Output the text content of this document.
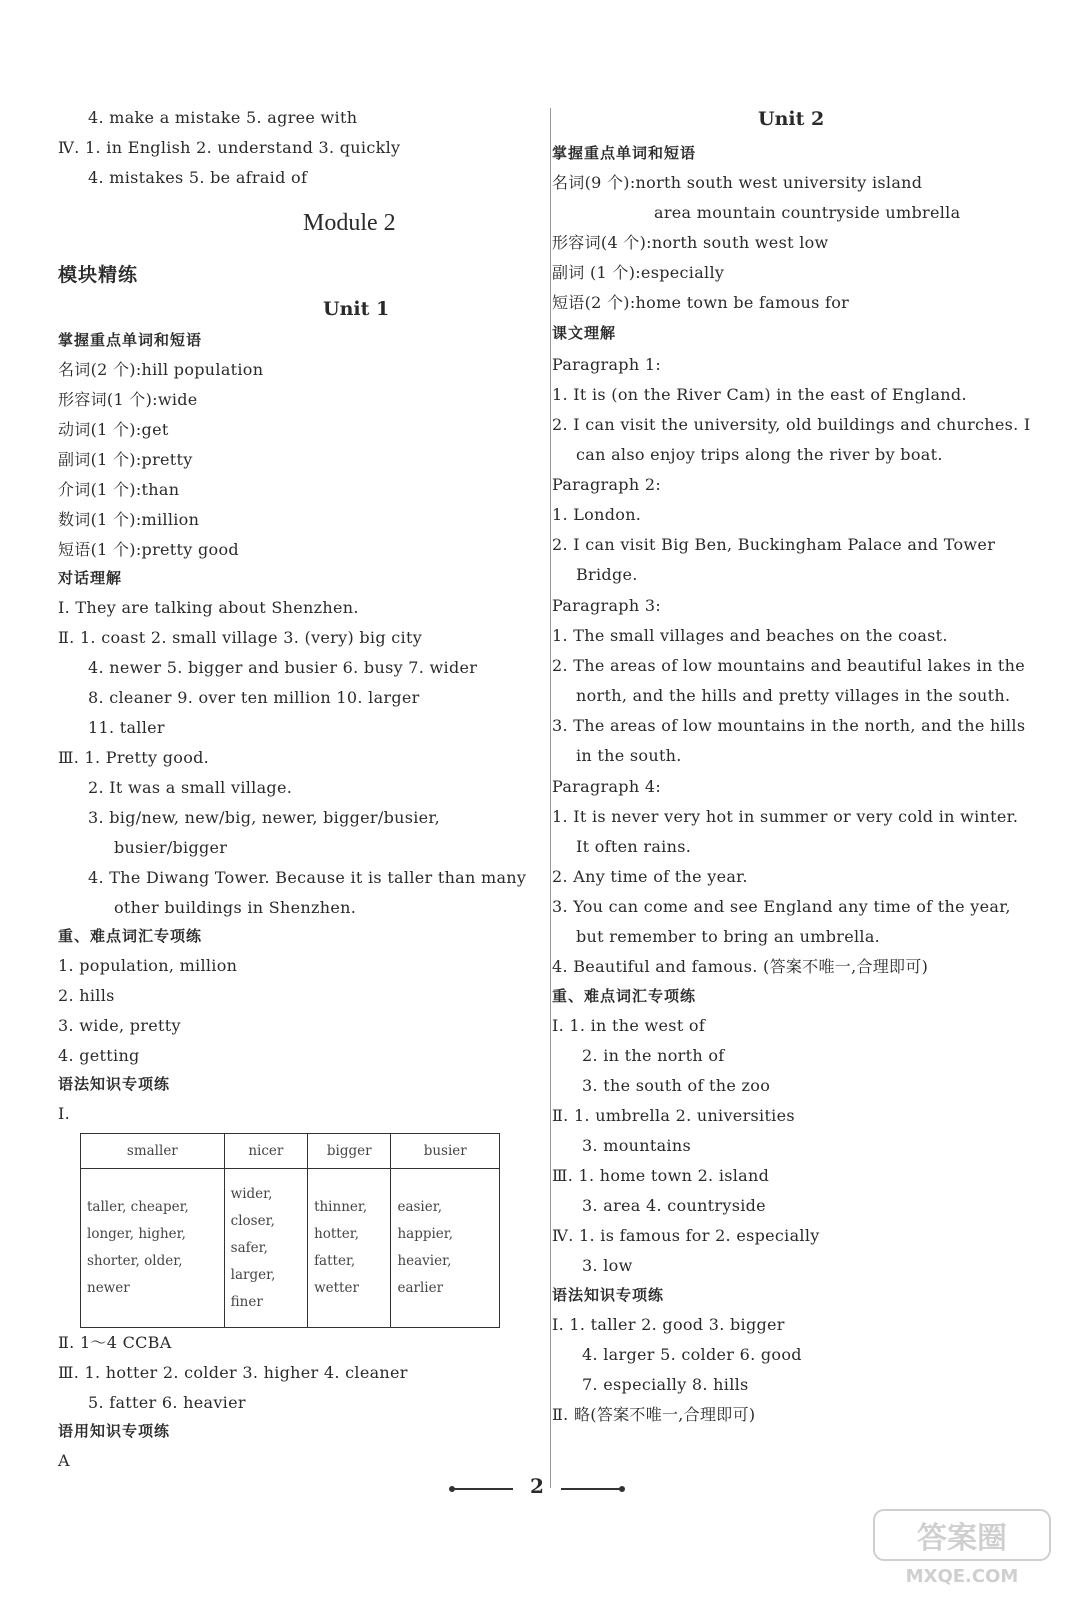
4. make a mistake 5. agree with
Ⅳ. 1. in English 2. understand 3. quickly
4. mistakes 5. be afraid of
Module 2
模块精练
Unit 1
掌握重点单词和短语
名词(2 个):hill population
形容词(1 个):wide
动词(1 个):get
副词(1 个):pretty
介词(1 个):than
数词(1 个):million
短语(1 个):pretty good
对话理解
Ⅰ. They are talking about Shenzhen.
Ⅱ. 1. coast 2. small village 3. (very) big city
4. newer 5. bigger and busier 6. busy 7. wider
8. cleaner 9. over ten million 10. larger
11. taller
Ⅲ. 1. Pretty good.
2. It was a small village.
3. big/new, new/big, newer, bigger/busier,
busier/bigger
4. The Diwang Tower. Because it is taller than many
other buildings in Shenzhen.
重、难点词汇专项练
1. population, million
2. hills
3. wide, pretty
4. getting
语法知识专项练
Ⅰ.
Ⅱ. 1～4 CCBA
Ⅲ. 1. hotter 2. colder 3. higher 4. cleaner
5. fatter 6. heavier
语用知识专项练
A
smaller	nicer	bigger	busier
taller, cheaper, longer, higher, shorter, older, newer	wider, closer, safer, larger, finer	thinner, hotter, fatter, wetter	easier, happier, heavier, earlier
Unit 2
掌握重点单词和短语
名词(9 个):north south west university island
area mountain countryside umbrella
形容词(4 个):north south west low
副词 (1 个):especially
短语(2 个):home town be famous for
课文理解
Paragraph 1:
1. It is (on the River Cam) in the east of England.
2. I can visit the university, old buildings and churches. I
can also enjoy trips along the river by boat.
Paragraph 2:
1. London.
2. I can visit Big Ben, Buckingham Palace and Tower
Bridge.
Paragraph 3:
1. The small villages and beaches on the coast.
2. The areas of low mountains and beautiful lakes in the
north, and the hills and pretty villages in the south.
3. The areas of low mountains in the north, and the hills
in the south.
Paragraph 4:
1. It is never very hot in summer or very cold in winter.
It often rains.
2. Any time of the year.
3. You can come and see England any time of the year,
but remember to bring an umbrella.
4. Beautiful and famous. (答案不唯一,合理即可)
重、难点词汇专项练
Ⅰ. 1. in the west of
2. in the north of
3. the south of the zoo
Ⅱ. 1. umbrella 2. universities
3. mountains
Ⅲ. 1. home town 2. island
3. area 4. countryside
Ⅳ. 1. is famous for 2. especially
3. low
语法知识专项练
Ⅰ. 1. taller 2. good 3. bigger
4. larger 5. colder 6. good
7. especially 8. hills
Ⅱ. 略(答案不唯一,合理即可)
2
答案圈
MXQE.COM
